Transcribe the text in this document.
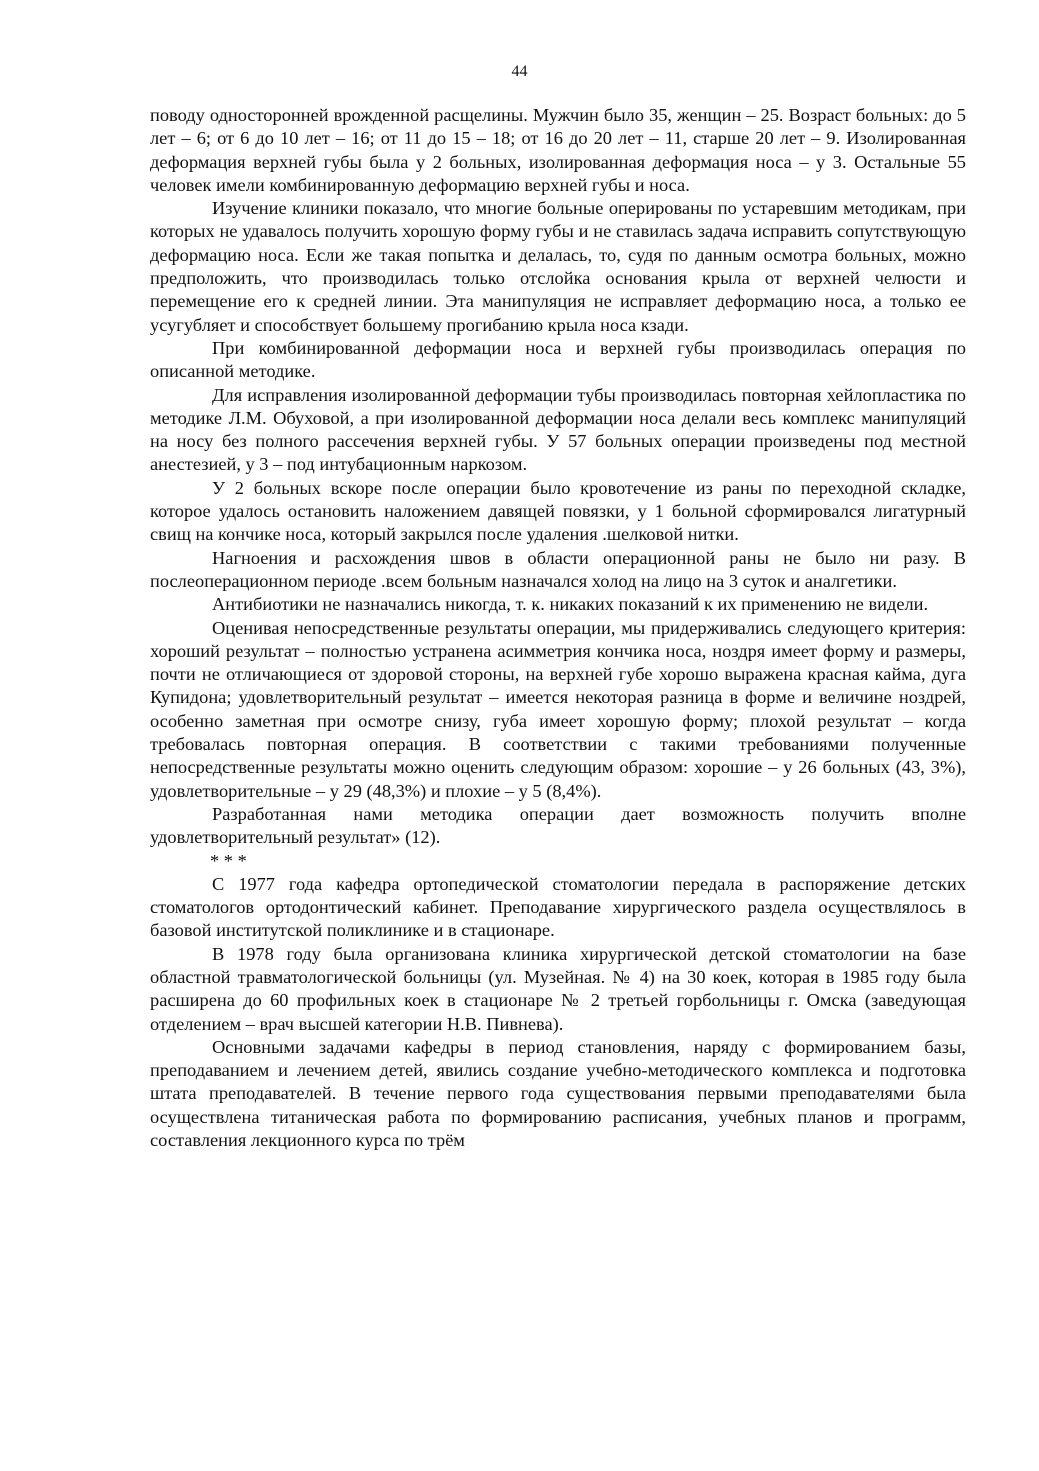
44

поводу односторонней врожденной расщелины. Мужчин было 35, женщин – 25. Возраст больных: до 5 лет – 6; от 6 до 10 лет – 16; от 11 до 15 – 18; от 16 до 20 лет – 11, старше 20 лет – 9. Изолированная деформация верхней губы была у 2 больных, изолированная деформация носа – у 3. Остальные 55 человек имели комбинированную деформацию верхней губы и носа.

Изучение клиники показало, что многие больные оперированы по устаревшим методикам, при которых не удавалось получить хорошую форму губы и не ставилась задача исправить сопутствующую деформацию носа. Если же такая попытка и делалась, то, судя по данным осмотра больных, можно предположить, что производилась только отслойка основания крыла от верхней челюсти и перемещение его к средней линии. Эта манипуляция не исправляет деформацию носа, а только ее усугубляет и способствует большему прогибанию крыла носа кзади.

При комбинированной деформации носа и верхней губы производилась операция по описанной методике.

Для исправления изолированной деформации тубы производилась повторная хейлопластика по методике Л.М. Обуховой, а при изолированной деформации носа делали весь комплекс манипуляций на носу без полного рассечения верхней губы. У 57 больных операции произведены под местной анестезией, у 3 – под интубационным наркозом.

У 2 больных вскоре после операции было кровотечение из раны по переходной складке, которое удалось остановить наложением давящей повязки, у 1 больной сформировался лигатурный свищ на кончике носа, который закрылся после удаления .шелковой нитки.

Нагноения и расхождения швов в области операционной раны не было ни разу. В послеоперационном периоде .всем больным назначался холод на лицо на 3 суток и аналгетики.

Антибиотики не назначались никогда, т. к. никаких показаний к их применению не видели.

Оценивая непосредственные результаты операции, мы придерживались следующего критерия: хороший результат – полностью устранена асимметрия кончика носа, ноздря имеет форму и размеры, почти не отличающиеся от здоровой стороны, на верхней губе хорошо выражена красная кайма, дуга Купидона; удовлетворительный результат – имеется некоторая разница в форме и величине ноздрей, особенно заметная при осмотре снизу, губа имеет хорошую форму; плохой результат – когда требовалась повторная операция. В соответствии с такими требованиями полученные непосредственные результаты можно оценить следующим образом: хорошие – у 26 больных (43, 3%), удовлетворительные – у 29 (48,3%) и плохие – у 5 (8,4%).

Разработанная нами методика операции дает возможность получить вполне удовлетворительный результат» (12).

* * *

С 1977 года кафедра ортопедической стоматологии передала в распоряжение детских стоматологов ортодонтический кабинет. Преподавание хирургического раздела осуществлялось в базовой институтской поликлинике и в стационаре.

В 1978 году была организована клиника хирургической детской стоматологии на базе областной травматологической больницы (ул. Музейная. № 4) на 30 коек, которая в 1985 году была расширена до 60 профильных коек в стационаре № 2 третьей горбольницы г. Омска (заведующая отделением – врач высшей категории Н.В. Пивнева).

Основными задачами кафедры в период становления, наряду с формированием базы, преподаванием и лечением детей, явились создание учебно-методического комплекса и подготовка штата преподавателей. В течение первого года существования первыми преподавателями была осуществлена титаническая работа по формированию расписания, учебных планов и программ, составления лекционного курса по трём
